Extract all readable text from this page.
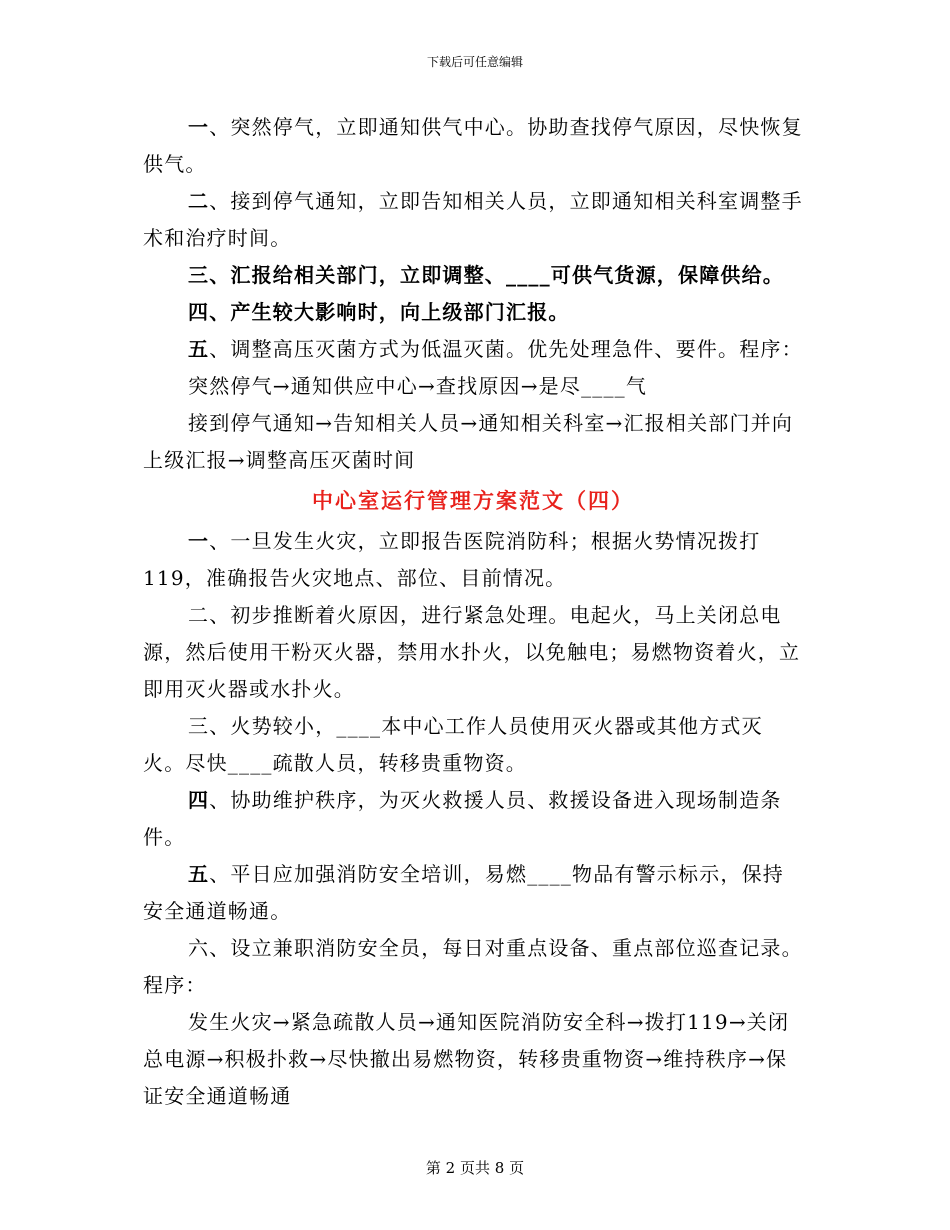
下载后可任意编辑

一、突然停气，立即通知供气中心。协助查找停气原因，尽快恢复供气。

二、接到停气通知，立即告知相关人员，立即通知相关科室调整手术和治疗时间。

三、汇报给相关部门，立即调整、____可供气货源，保障供给。

四、产生较大影响时，向上级部门汇报。

五、调整高压灭菌方式为低温灭菌。优先处理急件、要件。程序：

突然停气→通知供应中心→查找原因→是尽____气

接到停气通知→告知相关人员→通知相关科室→汇报相关部门并向上级汇报→调整高压灭菌时间

中心室运行管理方案范文（四）

一、一旦发生火灾，立即报告医院消防科；根据火势情况拨打119，准确报告火灾地点、部位、目前情况。

二、初步推断着火原因，进行紧急处理。电起火，马上关闭总电源，然后使用干粉灭火器，禁用水扑火，以免触电；易燃物资着火，立即用灭火器或水扑火。

三、火势较小，____本中心工作人员使用灭火器或其他方式灭火。尽快____疏散人员，转移贵重物资。

四、协助维护秩序，为灭火救援人员、救援设备进入现场制造条件。

五、平日应加强消防安全培训，易燃____物品有警示标示，保持安全通道畅通。

六、设立兼职消防安全员，每日对重点设备、重点部位巡查记录。程序：

发生火灾→紧急疏散人员→通知医院消防安全科→拨打119→关闭总电源→积极扑救→尽快撤出易燃物资，转移贵重物资→维持秩序→保证安全通道畅通

第 2 页共 8 页
